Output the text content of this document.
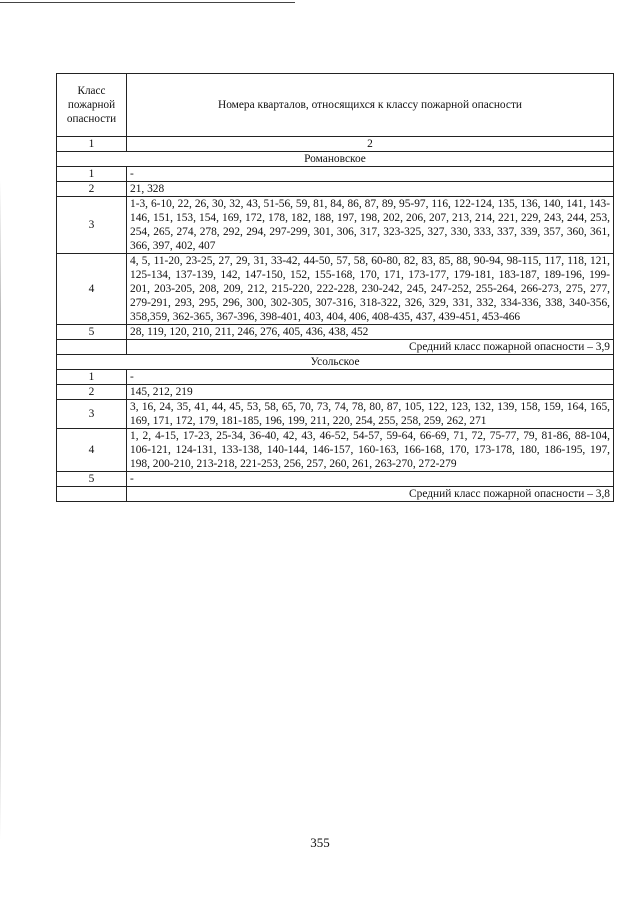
Класс пожарной опасности	Номера кварталов, относящихся к классу пожарной опасности
1	2
Романовское	
1	-
2	21, 328
3	1-3, 6-10, 22, 26, 30, 32, 43, 51-56, 59, 81, 84, 86, 87, 89, 95-97, 116, 122-124, 135, 136, 140, 141, 143-146, 151, 153, 154, 169, 172, 178, 182, 188, 197, 198, 202, 206, 207, 213, 214, 221, 229, 243, 244, 253, 254, 265, 274, 278, 292, 294, 297-299, 301, 306, 317, 323-325, 327, 330, 333, 337, 339, 357, 360, 361, 366, 397, 402, 407
4	4, 5, 11-20, 23-25, 27, 29, 31, 33-42, 44-50, 57, 58, 60-80, 82, 83, 85, 88, 90-94, 98-115, 117, 118, 121, 125-134, 137-139, 142, 147-150, 152, 155-168, 170, 171, 173-177, 179-181, 183-187, 189-196, 199-201, 203-205, 208, 209, 212, 215-220, 222-228, 230-242, 245, 247-252, 255-264, 266-273, 275, 277, 279-291, 293, 295, 296, 300, 302-305, 307-316, 318-322, 326, 329, 331, 332, 334-336, 338, 340-356, 358,359, 362-365, 367-396, 398-401, 403, 404, 406, 408-435, 437, 439-451, 453-466
5	28, 119, 120, 210, 211, 246, 276, 405, 436, 438, 452
	Средний класс пожарной опасности – 3,9
Усольское	
1	-
2	145, 212, 219
3	3, 16, 24, 35, 41, 44, 45, 53, 58, 65, 70, 73, 74, 78, 80, 87, 105, 122, 123, 132, 139, 158, 159, 164, 165, 169, 171, 172, 179, 181-185, 196, 199, 211, 220, 254, 255, 258, 259, 262, 271
4	1, 2, 4-15, 17-23, 25-34, 36-40, 42, 43, 46-52, 54-57, 59-64, 66-69, 71, 72, 75-77, 79, 81-86, 88-104, 106-121, 124-131, 133-138, 140-144, 146-157, 160-163, 166-168, 170, 173-178, 180, 186-195, 197, 198, 200-210, 213-218, 221-253, 256, 257, 260, 261, 263-270, 272-279
5	-
	Средний класс пожарной опасности – 3,8
355
